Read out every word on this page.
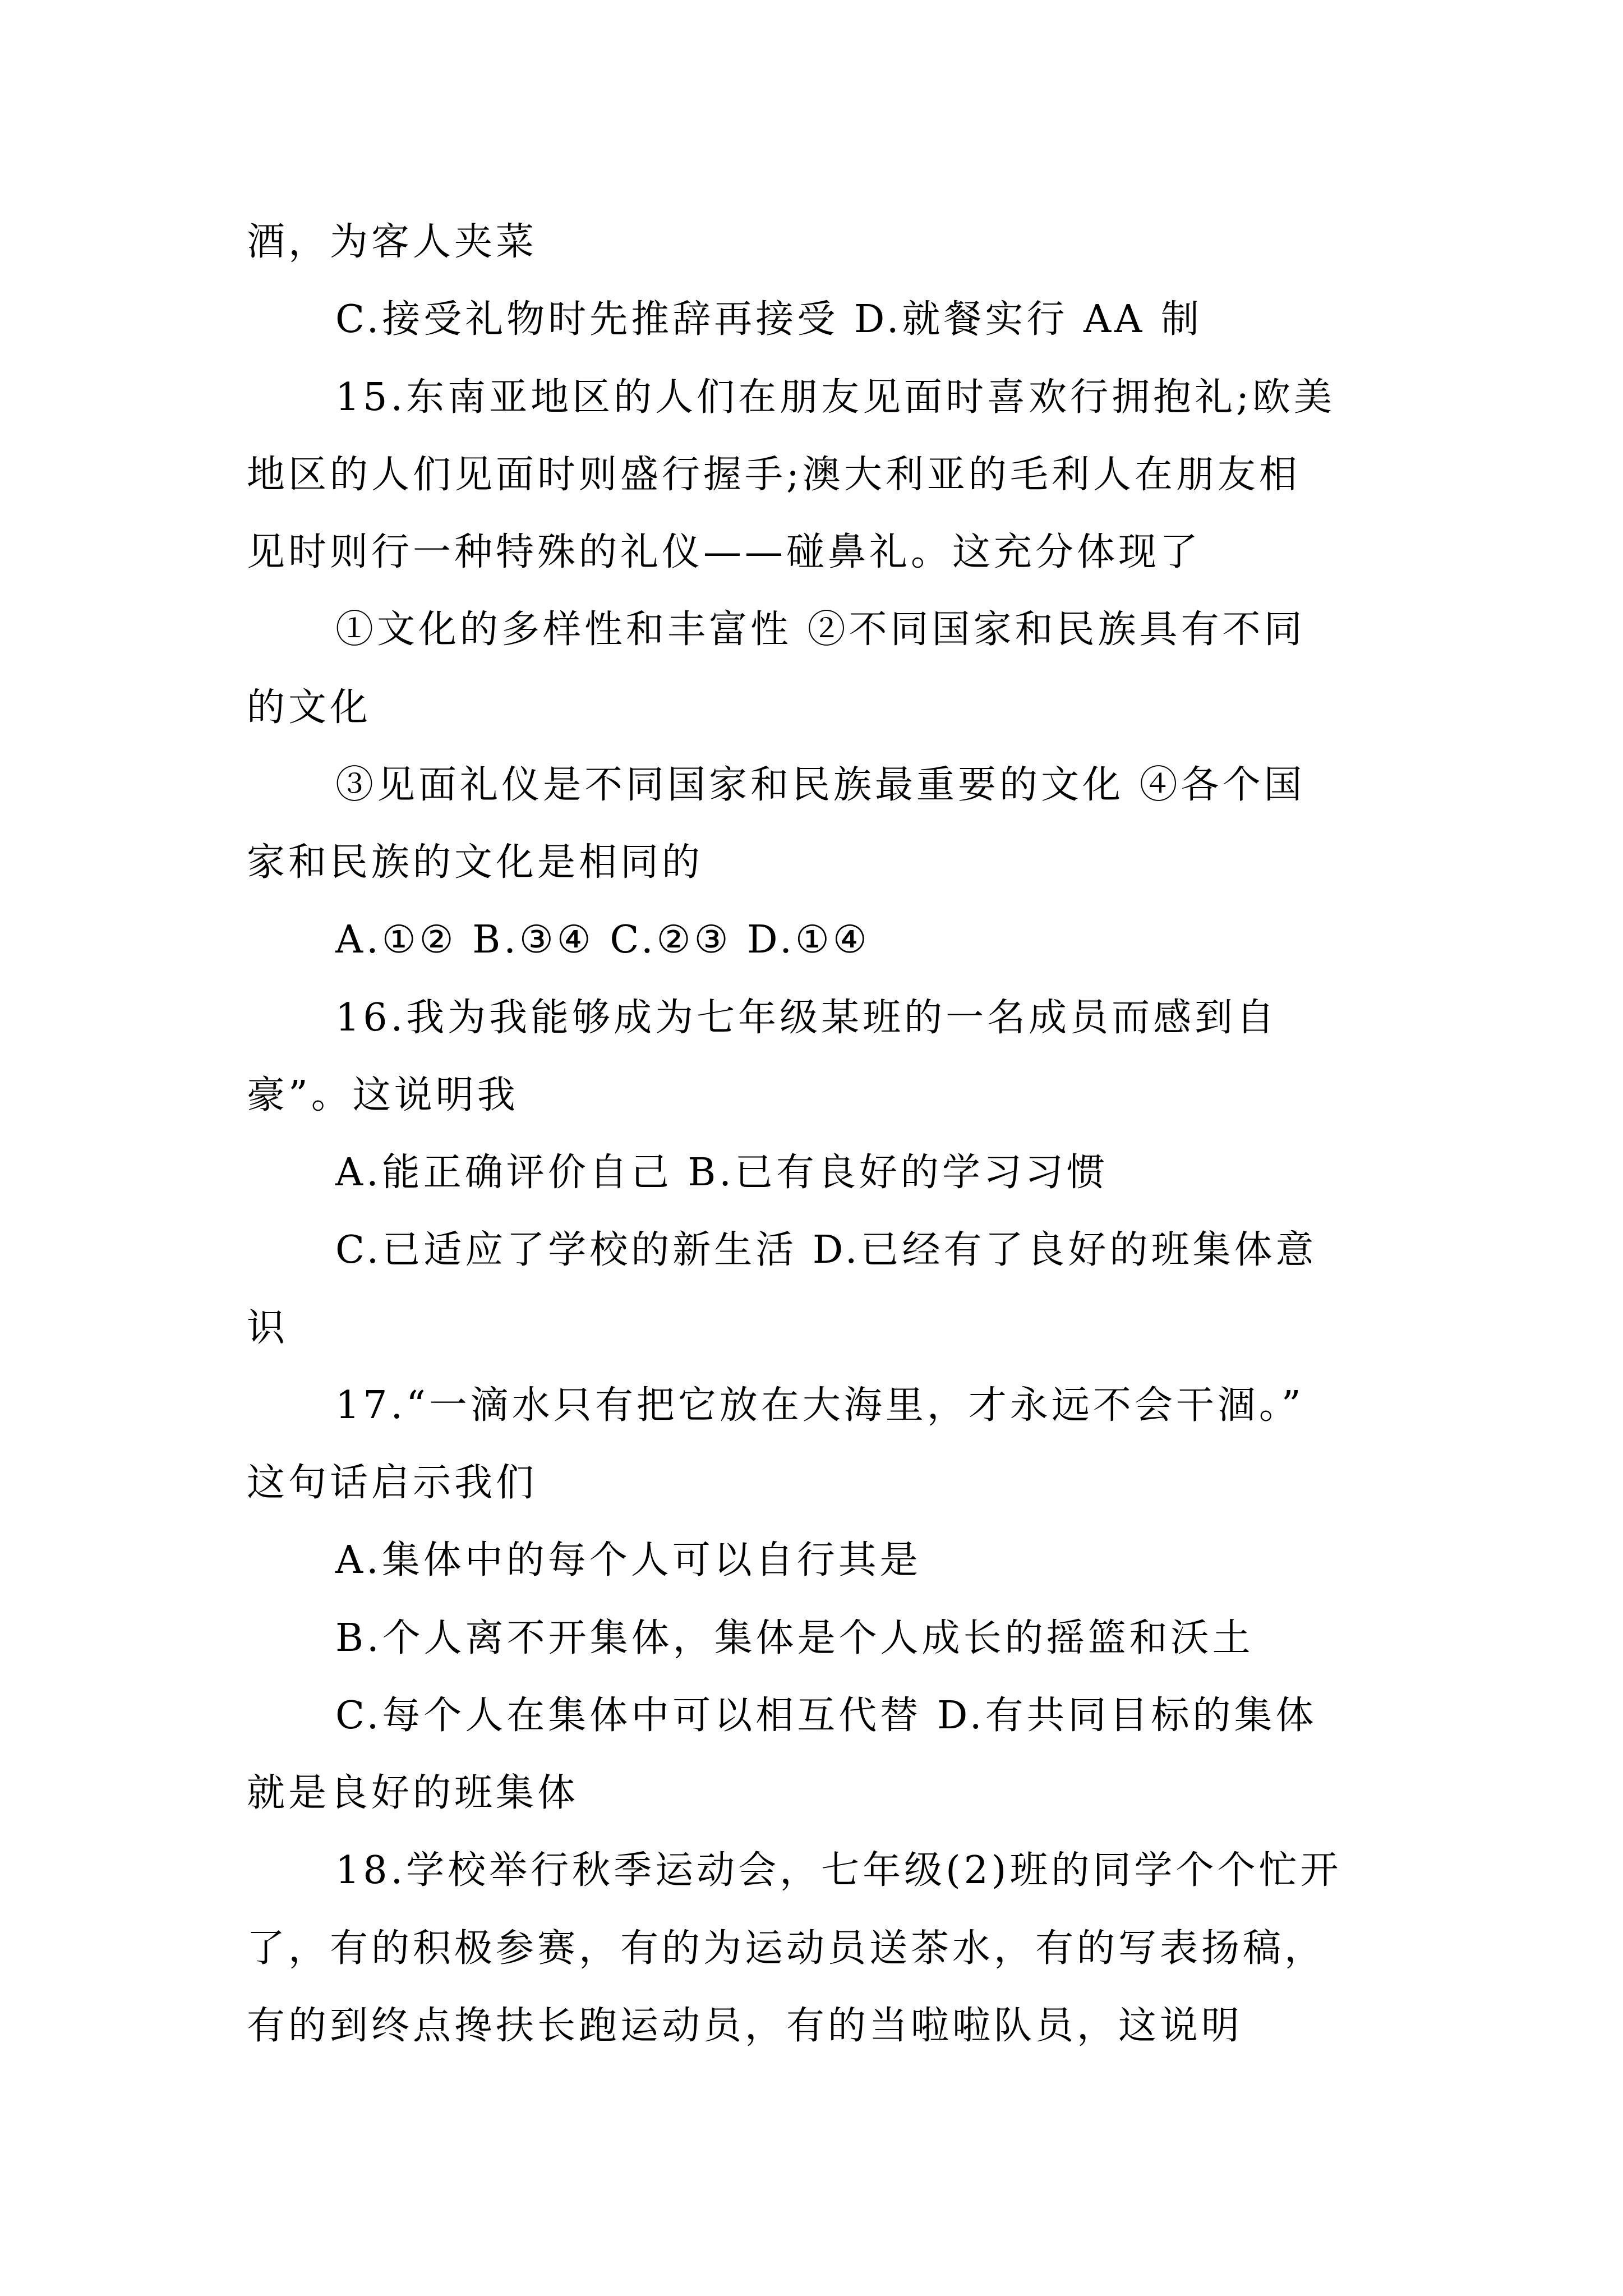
酒，为客人夹菜

C.接受礼物时先推辞再接受 D.就餐实行 AA 制

15.东南亚地区的人们在朋友见面时喜欢行拥抱礼;欧美

地区的人们见面时则盛行握手;澳大利亚的毛利人在朋友相

见时则行一种特殊的礼仪——碰鼻礼。这充分体现了

①文化的多样性和丰富性 ②不同国家和民族具有不同

的文化

③见面礼仪是不同国家和民族最重要的文化 ④各个国

家和民族的文化是相同的

A.①② B.③④ C.②③ D.①④

16.我为我能够成为七年级某班的一名成员而感到自

豪”。这说明我

A.能正确评价自己 B.已有良好的学习习惯

C.已适应了学校的新生活 D.已经有了良好的班集体意

识

17.“一滴水只有把它放在大海里，才永远不会干涸。”

这句话启示我们

A.集体中的每个人可以自行其是

B.个人离不开集体，集体是个人成长的摇篮和沃土

C.每个人在集体中可以相互代替 D.有共同目标的集体

就是良好的班集体

18.学校举行秋季运动会，七年级(2)班的同学个个忙开

了，有的积极参赛，有的为运动员送茶水，有的写表扬稿，

有的到终点搀扶长跑运动员，有的当啦啦队员，这说明
